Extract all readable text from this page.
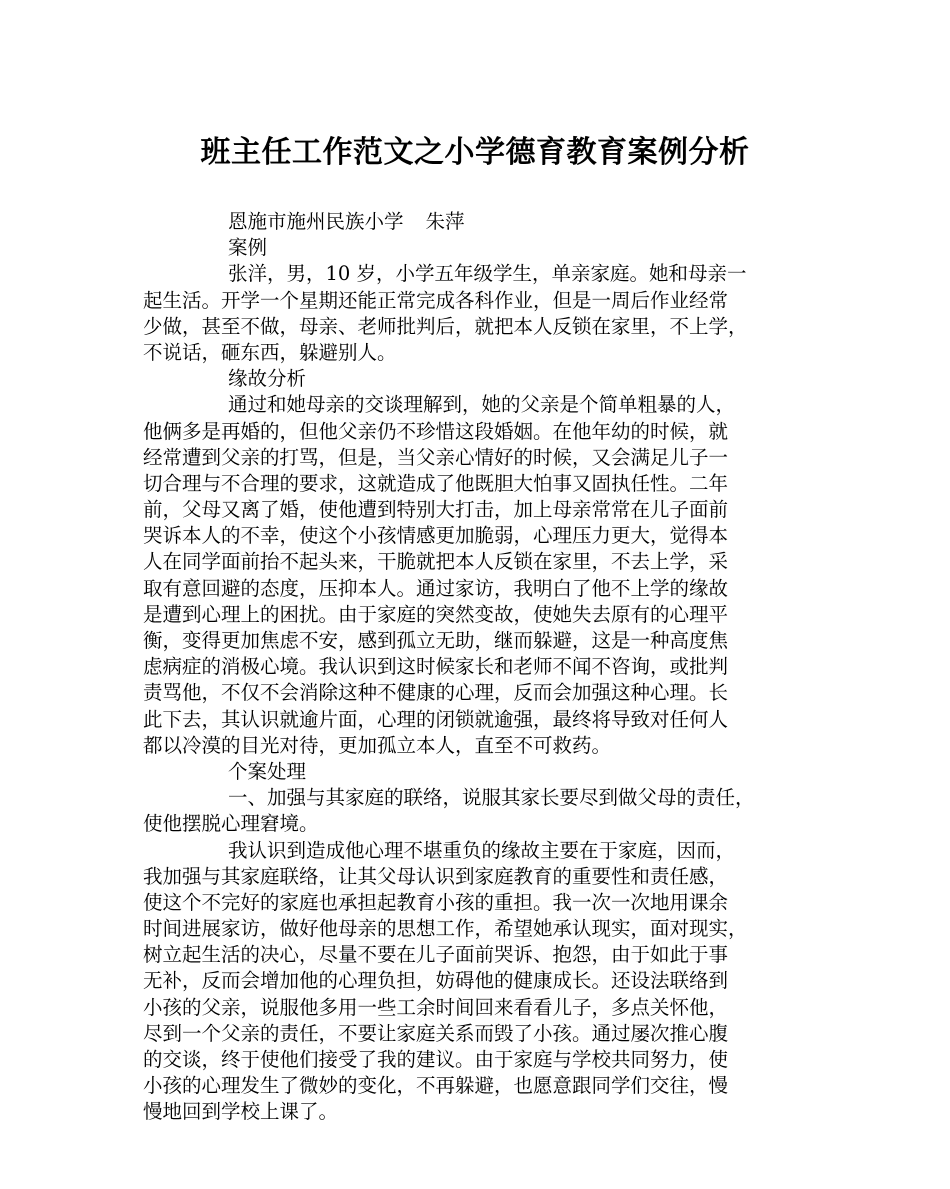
班主任工作范文之小学德育教育案例分析
恩施市施州民族小学 朱萍
案例
张洋，男，10 岁，小学五年级学生，单亲家庭。她和母亲一
起生活。开学一个星期还能正常完成各科作业，但是一周后作业经常
少做，甚至不做，母亲、老师批判后，就把本人反锁在家里，不上学，
不说话，砸东西，躲避别人。
缘故分析
通过和她母亲的交谈理解到，她的父亲是个简单粗暴的人，
他俩多是再婚的，但他父亲仍不珍惜这段婚姻。在他年幼的时候，就
经常遭到父亲的打骂，但是，当父亲心情好的时候，又会满足儿子一
切合理与不合理的要求，这就造成了他既胆大怕事又固执任性。二年
前，父母又离了婚，使他遭到特别大打击，加上母亲常常在儿子面前
哭诉本人的不幸，使这个小孩情感更加脆弱，心理压力更大，觉得本
人在同学面前抬不起头来，干脆就把本人反锁在家里，不去上学，采
取有意回避的态度，压抑本人。通过家访，我明白了他不上学的缘故
是遭到心理上的困扰。由于家庭的突然变故，使她失去原有的心理平
衡，变得更加焦虑不安，感到孤立无助，继而躲避，这是一种高度焦
虑病症的消极心境。我认识到这时候家长和老师不闻不咨询，或批判
责骂他，不仅不会消除这种不健康的心理，反而会加强这种心理。长
此下去，其认识就逾片面，心理的闭锁就逾强，最终将导致对任何人
都以冷漠的目光对待，更加孤立本人，直至不可救药。
个案处理
一、加强与其家庭的联络，说服其家长要尽到做父母的责任，
使他摆脱心理窘境。
我认识到造成他心理不堪重负的缘故主要在于家庭，因而，
我加强与其家庭联络，让其父母认识到家庭教育的重要性和责任感，
使这个不完好的家庭也承担起教育小孩的重担。我一次一次地用课余
时间进展家访，做好他母亲的思想工作，希望她承认现实，面对现实，
树立起生活的决心，尽量不要在儿子面前哭诉、抱怨，由于如此于事
无补，反而会增加他的心理负担，妨碍他的健康成长。还设法联络到
小孩的父亲，说服他多用一些工余时间回来看看儿子，多点关怀他，
尽到一个父亲的责任，不要让家庭关系而毁了小孩。通过屡次推心腹
的交谈，终于使他们接受了我的建议。由于家庭与学校共同努力，使
小孩的心理发生了微妙的变化，不再躲避，也愿意跟同学们交往，慢
慢地回到学校上课了。
